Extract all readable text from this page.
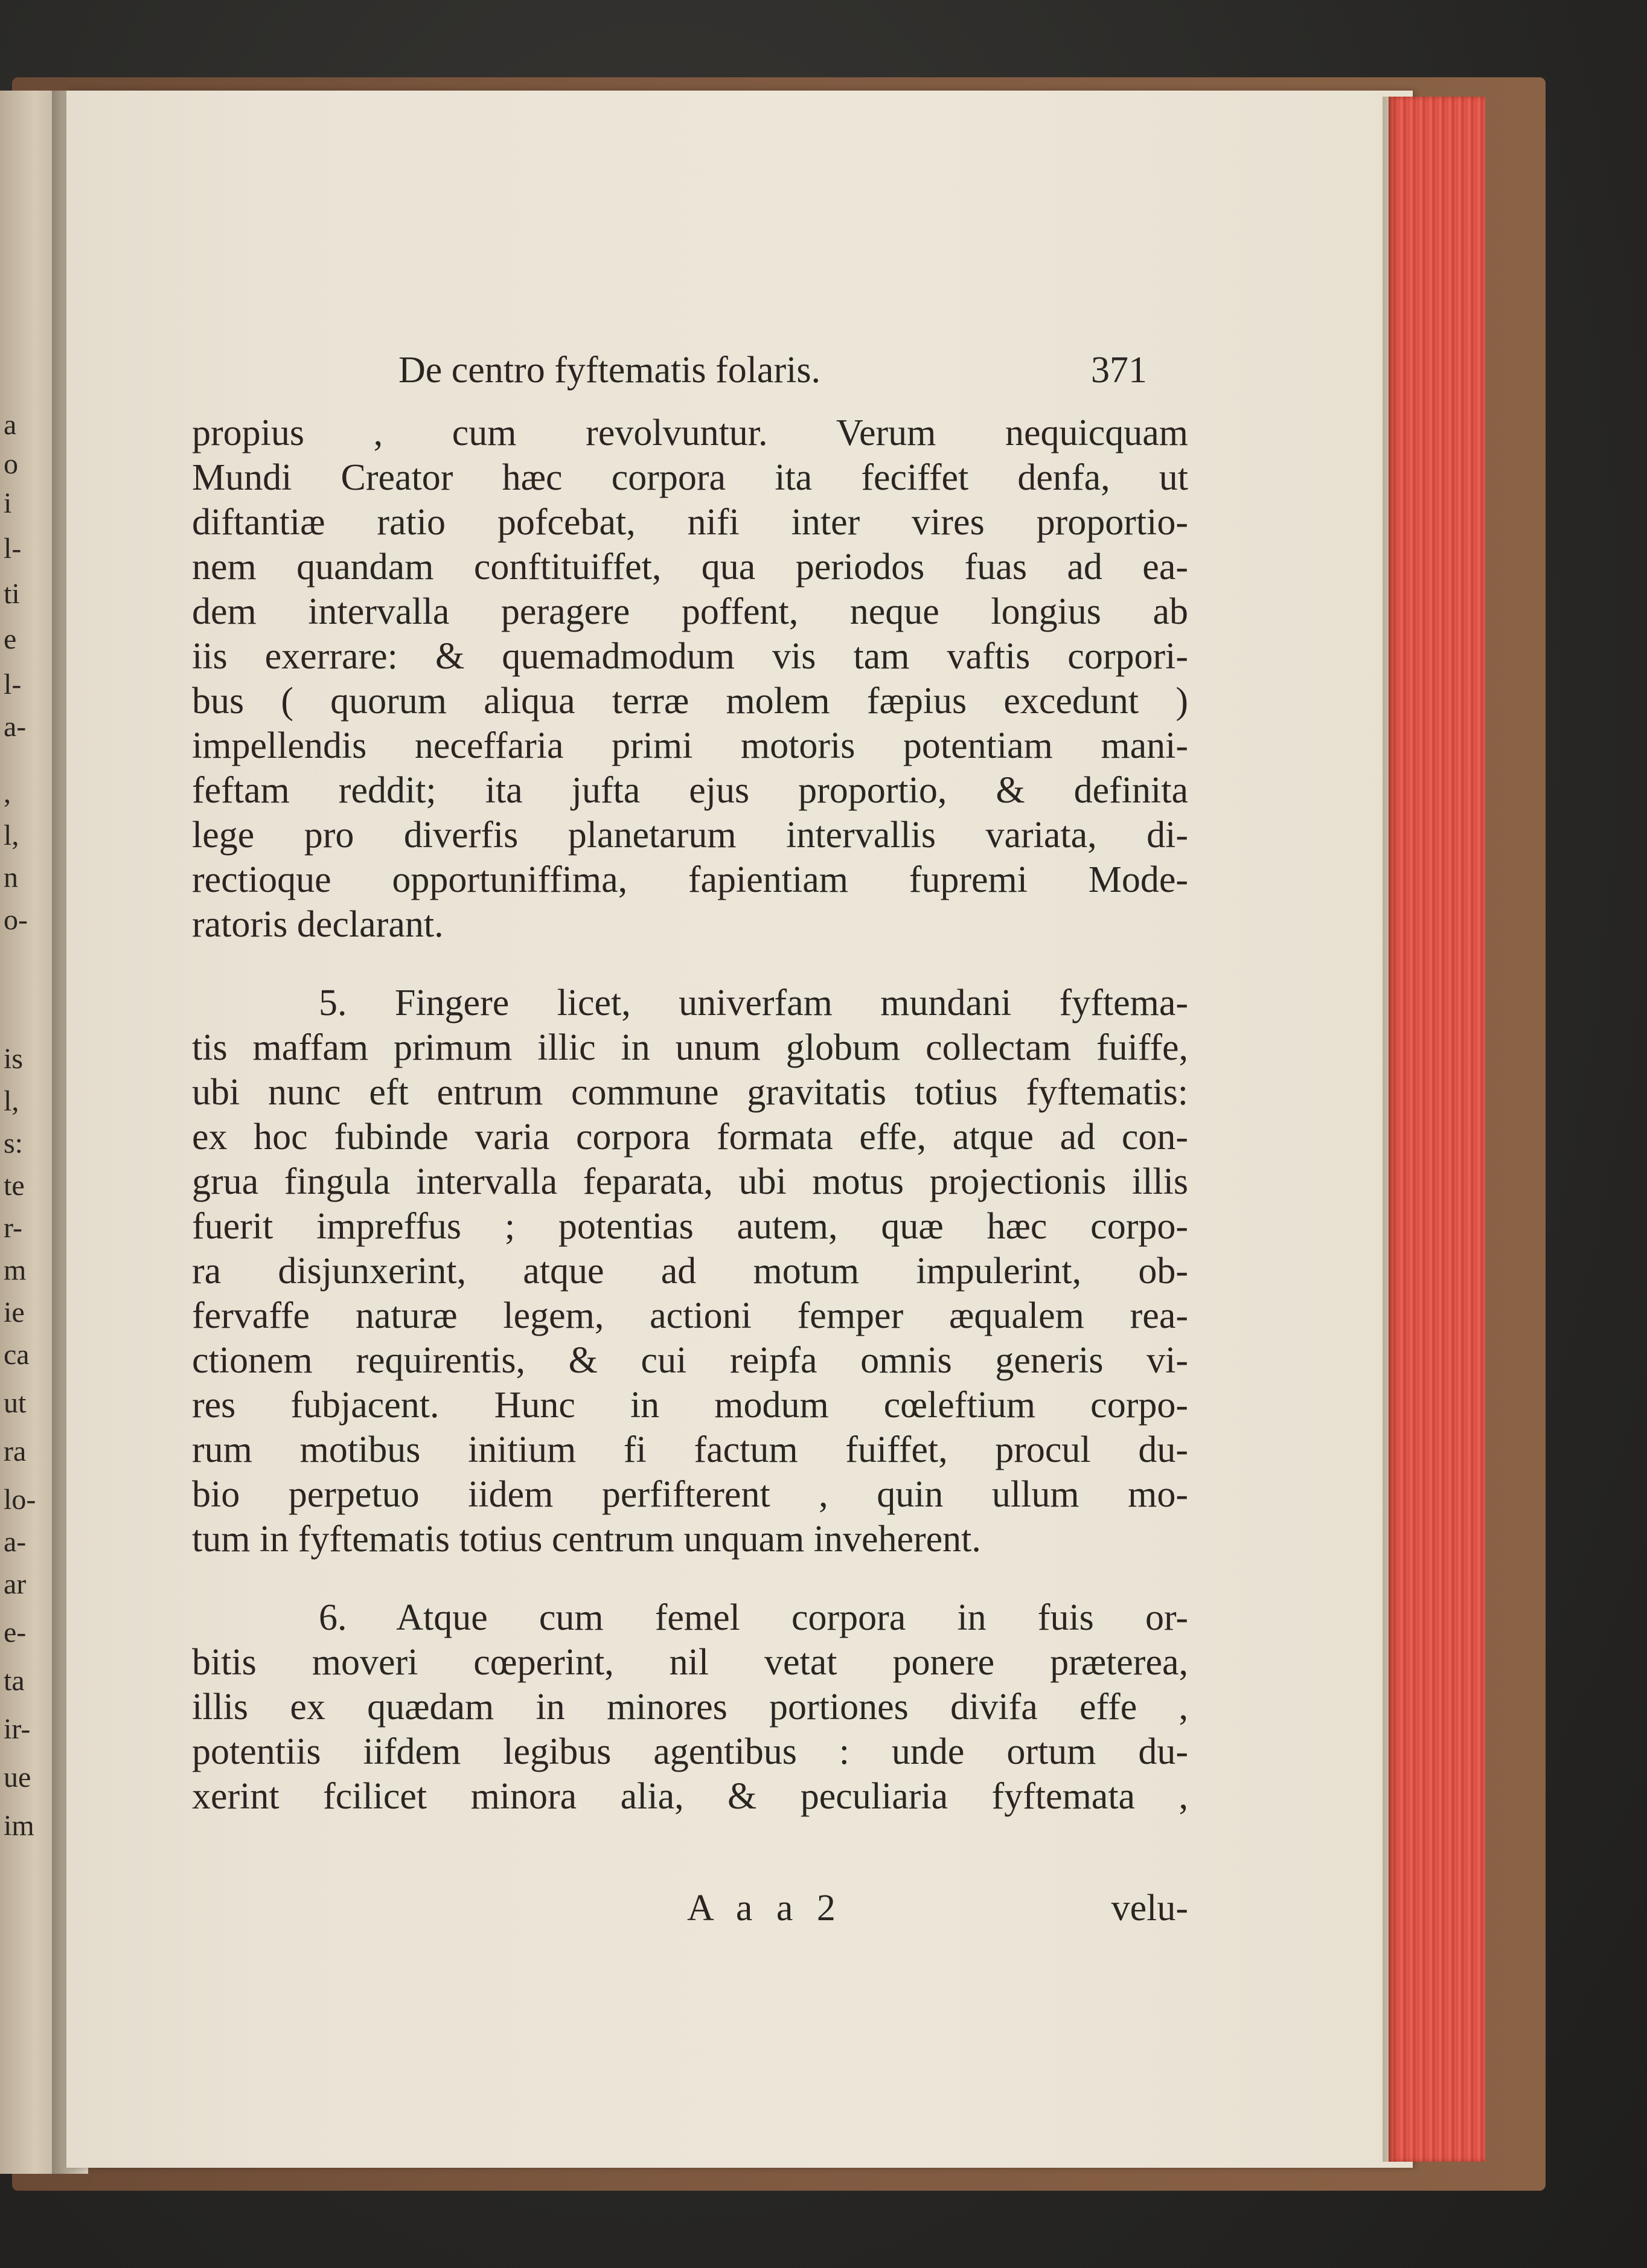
a
o
i
l-
ti
e
l-
a-
,
l,
n
o-
is
l,
s:
te
r-
m
ie
ca
ut
ra
lo-
a-
ar
e-
ta
ir-
ue
im
De centro fyftematis folaris.	371
propius , cum revolvuntur. Verum nequicquam
Mundi Creator hæc corpora ita feciffet denfa, ut
diftantiæ ratio pofcebat, nifi inter vires proportio-
nem quandam conftituiffet, qua periodos fuas ad ea-
dem intervalla peragere poffent, neque longius ab
iis exerrare: & quemadmodum vis tam vaftis corpori-
bus ( quorum aliqua terræ molem fæpius excedunt )
impellendis neceffaria primi motoris potentiam mani-
feftam reddit; ita jufta ejus proportio, & definita
lege pro diverfis planetarum intervallis variata, di-
rectioque opportuniffima, fapientiam fupremi Mode-
ratoris declarant.
5. Fingere licet, univerfam mundani fyftema-
tis maffam primum illic in unum globum collectam fuiffe,
ubi nunc eft entrum commune gravitatis totius fyftematis:
ex hoc fubinde varia corpora formata effe, atque ad con-
grua fingula intervalla feparata, ubi motus projectionis illis
fuerit impreffus ; potentias autem, quæ hæc corpo-
ra disjunxerint, atque ad motum impulerint, ob-
fervaffe naturæ legem, actioni femper æqualem rea-
ctionem requirentis, & cui reipfa omnis generis vi-
res fubjacent. Hunc in modum cœleftium corpo-
rum motibus initium fi factum fuiffet, procul du-
bio perpetuo iidem perfifterent , quin ullum mo-
tum in fyftematis totius centrum unquam inveherent.
6. Atque cum femel corpora in fuis or-
bitis moveri cœperint, nil vetat ponere præterea,
illis ex quædam in minores portiones divifa effe ,
potentiis iifdem legibus agentibus : unde ortum du-
xerint fcilicet minora alia, & peculiaria fyftemata ,
A a a 2	velu-
